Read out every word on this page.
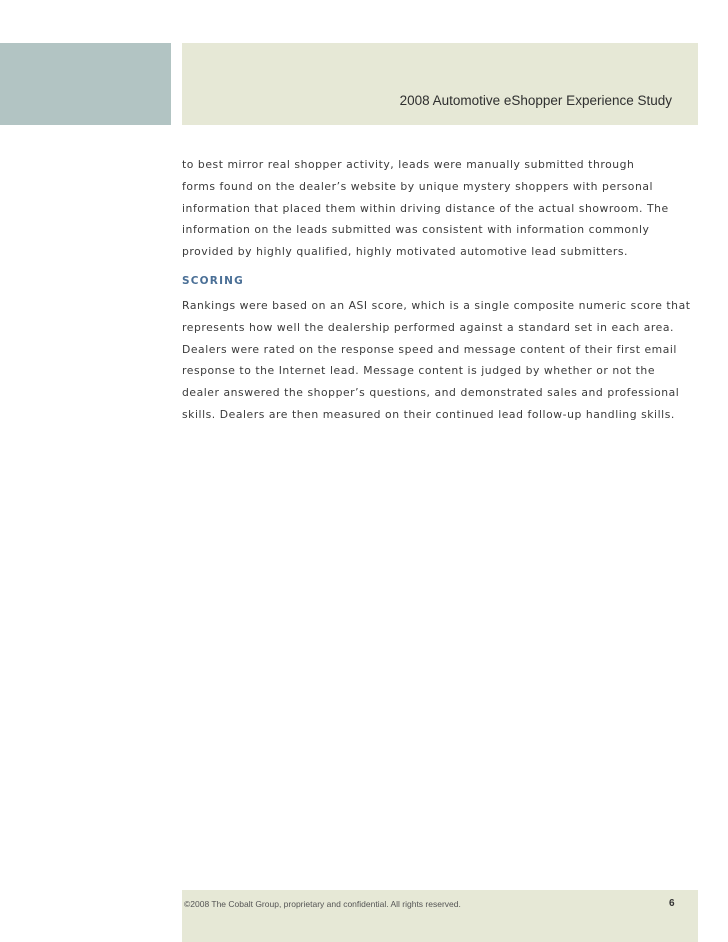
2008 Automotive eShopper Experience Study

to best mirror real shopper activity, leads were manually submitted through
forms found on the dealer’s website by unique mystery shoppers with personal
information that placed them within driving distance of the actual showroom. The
information on the leads submitted was consistent with information commonly
provided by highly qualified, highly motivated automotive lead submitters.

SCORING

Rankings were based on an ASI score, which is a single composite numeric score that
represents how well the dealership performed against a standard set in each area.
Dealers were rated on the response speed and message content of their first email
response to the Internet lead. Message content is judged by whether or not the
dealer answered the shopper’s questions, and demonstrated sales and professional
skills. Dealers are then measured on their continued lead follow-up handling skills.

©2008 The Cobalt Group, proprietary and confidential. All rights reserved.	6
